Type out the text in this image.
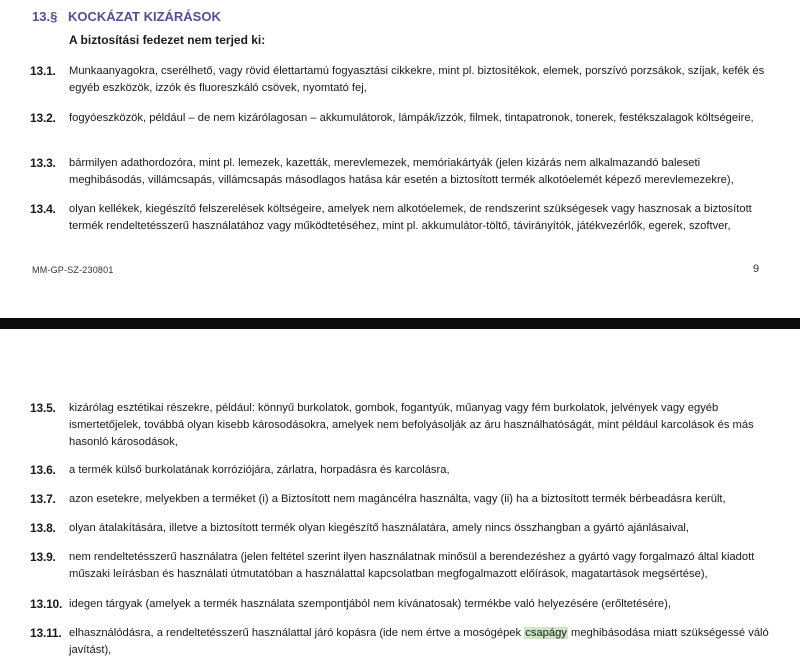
13.§ KOCKÁZAT KIZÁRÁSOK
A biztosítási fedezet nem terjed ki:
13.1. Munkaanyagokra, cserélhető, vagy rövid élettartamú fogyasztási cikkekre, mint pl. biztosítékok, elemek, porszívó porzsákok, szíjak, kefék és egyéb eszközök, izzók és fluoreszkáló csövek, nyomtató fej,
13.2. fogyóeszközök, például – de nem kizárólagosan – akkumulátorok, lámpák/izzók, filmek, tintapatronok, tonerek, festékszalagok költségeire,
13.3. bármilyen adathordozóra, mint pl. lemezek, kazetták, merevlemezek, memóriakártyák (jelen kizárás nem alkalmazandó baleseti meghibásodás, villámcsapás, villámcsapás másodlagos hatása kár esetén a biztosított termék alkotóelemét képező merevlemezekre),
13.4. olyan kellékek, kiegészítő felszerelések költségeire, amelyek nem alkotóelemek, de rendszerint szükségesek vagy hasznosak a biztosított termék rendeltetésszerű használatához vagy működtetéséhez, mint pl. akkumulátor-töltő, távirányítók, játékvezérlők, egerek, szoftver,
MM-GP-SZ-230801	9
13.5. kizárólag esztétikai részekre, például: könnyű burkolatok, gombok, fogantyúk, műanyag vagy fém burkolatok, jelvények vagy egyéb ismertetőjelek, továbbá olyan kisebb károsodásokra, amelyek nem befolyásolják az áru használhatóságát, mint például karcolások és más hasonló károsodások,
13.6. a termék külső burkolatának korróziójára, zárlatra, horpadásra és karcolásra,
13.7. azon esetekre, melyekben a terméket (i) a Biztosított nem magáncélra használta, vagy (ii) ha a biztosított termék bérbeadásra került,
13.8. olyan átalakítására, illetve a biztosított termék olyan kiegészítő használatára, amely nincs összhangban a gyártó ajánlásaival,
13.9. nem rendeltetésszerű használatra (jelen feltétel szerint ilyen használatnak minősül a berendezéshez a gyártó vagy forgalmazó által kiadott műszaki leírásban és használati útmutatóban a használattal kapcsolatban megfogalmazott előírások, magatartások megsértése),
13.10. idegen tárgyak (amelyek a termék használata szempontjából nem kívánatosak) termékbe való helyezésére (erőltetésére),
13.11. elhasználódásra, a rendeltetésszerű használattal járó kopásra (ide nem értve a mosógépek csapágy meghibásodása miatt szükségessé váló javítást),
